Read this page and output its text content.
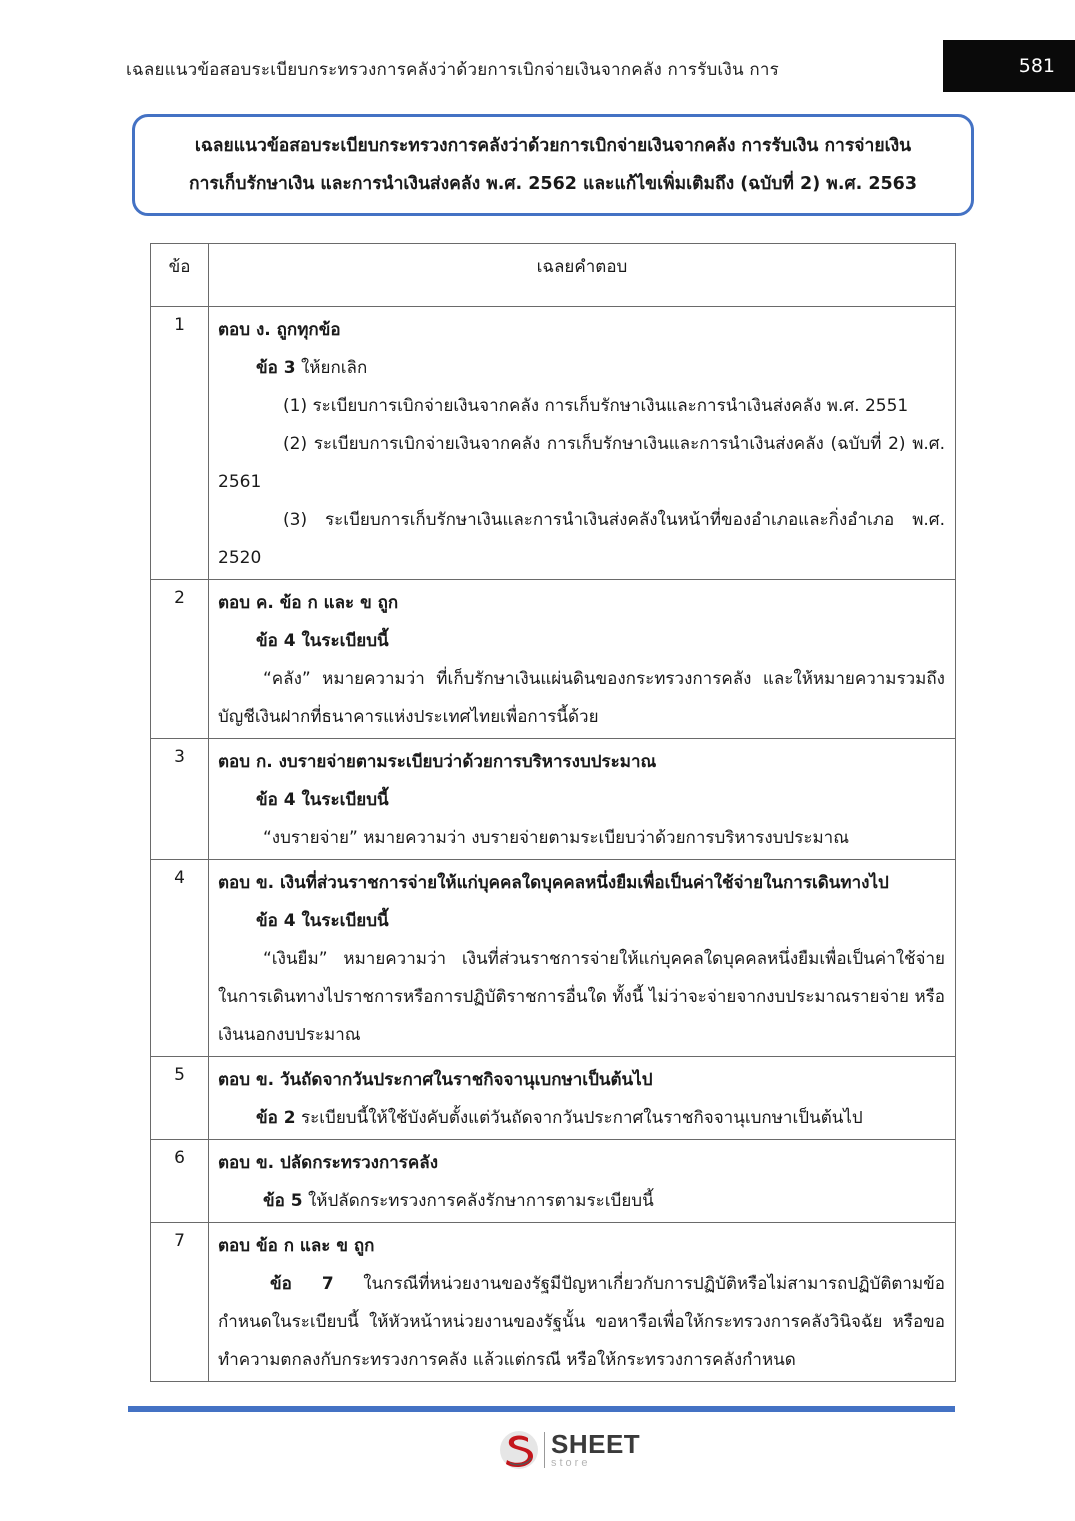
เฉลยแนวข้อสอบระเบียบกระทรวงการคลังว่าด้วยการเบิกจ่ายเงินจากคลัง การรับเงิน การ	581
เฉลยแนวข้อสอบระเบียบกระทรวงการคลังว่าด้วยการเบิกจ่ายเงินจากคลัง การรับเงิน การจ่ายเงิน
การเก็บรักษาเงิน และการนำเงินส่งคลัง พ.ศ. 2562 และแก้ไขเพิ่มเติมถึง (ฉบับที่ 2) พ.ศ. 2563
ข้อ	เฉลยคำตอบ
1	ตอบ ง. ถูกทุกข้อ
ข้อ 3 ให้ยกเลิก
(1) ระเบียบการเบิกจ่ายเงินจากคลัง การเก็บรักษาเงินและการนำเงินส่งคลัง พ.ศ. 2551
(2) ระเบียบการเบิกจ่ายเงินจากคลัง การเก็บรักษาเงินและการนำเงินส่งคลัง (ฉบับที่ 2) พ.ศ. 2561
(3) ระเบียบการเก็บรักษาเงินและการนำเงินส่งคลังในหน้าที่ของอำเภอและกิ่งอำเภอ พ.ศ. 2520

2	ตอบ ค. ข้อ ก และ ข ถูก
ข้อ 4 ในระเบียบนี้
“คลัง” หมายความว่า ที่เก็บรักษาเงินแผ่นดินของกระทรวงการคลัง และให้หมายความรวมถึง บัญชีเงินฝากที่ธนาคารแห่งประเทศไทยเพื่อการนี้ด้วย

3	ตอบ ก. งบรายจ่ายตามระเบียบว่าด้วยการบริหารงบประมาณ
ข้อ 4 ในระเบียบนี้
“งบรายจ่าย” หมายความว่า งบรายจ่ายตามระเบียบว่าด้วยการบริหารงบประมาณ

4	ตอบ ข. เงินที่ส่วนราชการจ่ายให้แก่บุคคลใดบุคคลหนึ่งยืมเพื่อเป็นค่าใช้จ่ายในการเดินทางไป
ข้อ 4 ในระเบียบนี้
“เงินยืม” หมายความว่า เงินที่ส่วนราชการจ่ายให้แก่บุคคลใดบุคคลหนึ่งยืมเพื่อเป็นค่าใช้จ่าย ในการเดินทางไปราชการหรือการปฏิบัติราชการอื่นใด ทั้งนี้ ไม่ว่าจะจ่ายจากงบประมาณรายจ่าย หรือเงินนอกงบประมาณ

5	ตอบ ข. วันถัดจากวันประกาศในราชกิจจานุเบกษาเป็นต้นไป
ข้อ 2 ระเบียบนี้ให้ใช้บังคับตั้งแต่วันถัดจากวันประกาศในราชกิจจานุเบกษาเป็นต้นไป

6	ตอบ ข. ปลัดกระทรวงการคลัง
ข้อ 5 ให้ปลัดกระทรวงการคลังรักษาการตามระเบียบนี้

7	ตอบ ข้อ ก และ ข ถูก
ข้อ 7 ในกรณีที่หน่วยงานของรัฐมีปัญหาเกี่ยวกับการปฏิบัติหรือไม่สามารถปฏิบัติตามข้อกำหนดในระเบียบนี้ ให้หัวหน้าหน่วยงานของรัฐนั้น ขอหารือเพื่อให้กระทรวงการคลังวินิจฉัย หรือขอทำความตกลงกับกระทรวงการคลัง แล้วแต่กรณี หรือให้กระทรวงการคลังกำหนด
SHEET
store
